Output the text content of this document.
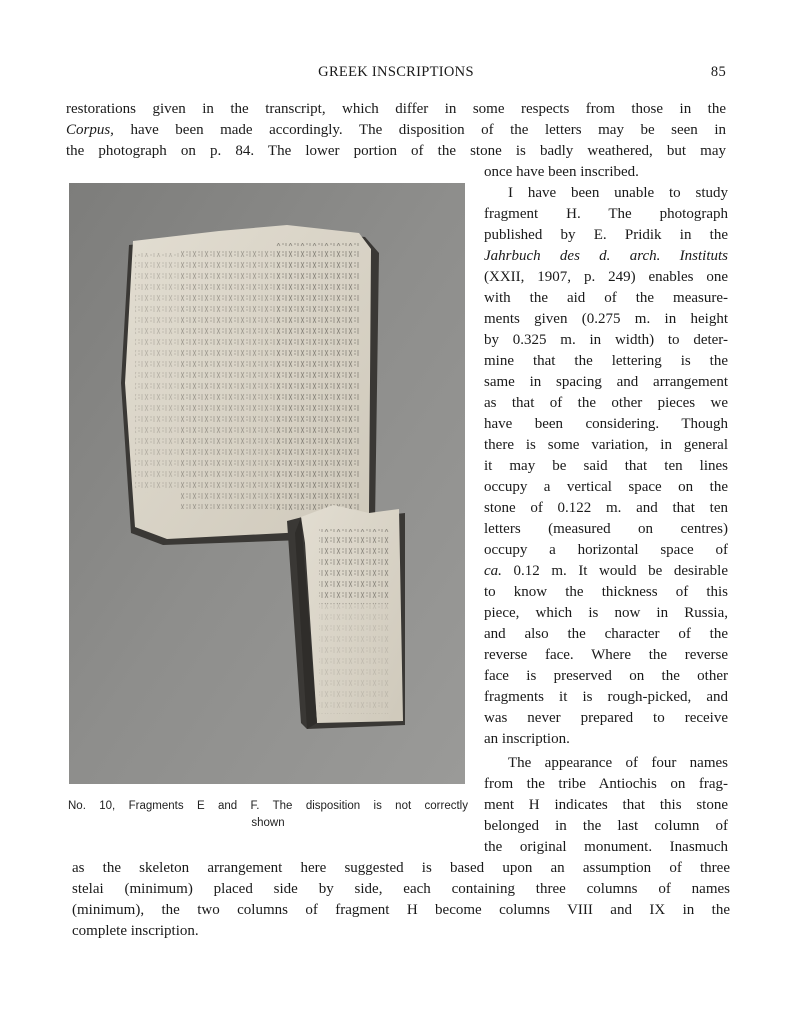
GREEK INSCRIPTIONS	85
restorations given in the transcript, which differ in some respects from those in the
Corpus, have been made accordingly. The disposition of the letters may be seen in
the photograph on p. 84. The lower portion of the stone is badly weathered, but may
No. 10, Fragments E and F. The disposition is not correctly
shown
once have been inscribed.
I have been unable to study
fragment H. The photograph
published by E. Pridik in the
Jahrbuch des d. arch. Instituts
(XXII, 1907, p. 249) enables one
with the aid of the measure-
ments given (0.275 m. in height
by 0.325 m. in width) to deter-
mine that the lettering is the
same in spacing and arrangement
as that of the other pieces we
have been considering. Though
there is some variation, in general
it may be said that ten lines
occupy a vertical space on the
stone of 0.122 m. and that ten
letters (measured on centres)
occupy a horizontal space of
ca. 0.12 m. It would be desirable
to know the thickness of this
piece, which is now in Russia,
and also the character of the
reverse face. Where the reverse
face is preserved on the other
fragments it is rough-picked, and
was never prepared to receive
an inscription.
The appearance of four names
from the tribe Antiochis on frag-
ment H indicates that this stone
belonged in the last column of
the original monument. Inasmuch
as the skeleton arrangement here suggested is based upon an assumption of three
stelai (minimum) placed side by side, each containing three columns of names
(minimum), the two columns of fragment H become columns VIII and IX in the
complete inscription.
